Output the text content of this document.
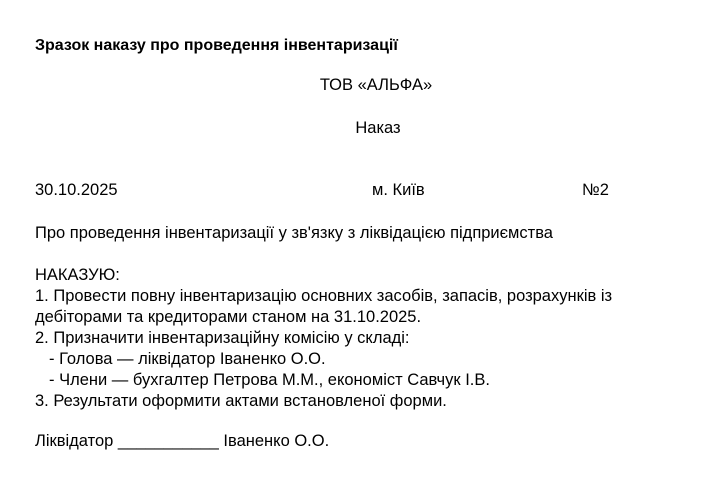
Зразок наказу про проведення інвентаризації
ТОВ «АЛЬФА»
Наказ
30.10.2025	м. Київ	№2
Про проведення інвентаризації у зв'язку з ліквідацією підприємства

НАКАЗУЮ:

1. Провести повну інвентаризацію основних засобів, запасів, розрахунків із

дебіторами та кредиторами станом на 31.10.2025.

2. Призначити інвентаризаційну комісію у складі:

- Голова — ліквідатор Іваненко О.О.

- Члени — бухгалтер Петрова М.М., економіст Савчук І.В.

3. Результати оформити актами встановленої форми.

Ліквідатор ___________ Іваненко О.О.
